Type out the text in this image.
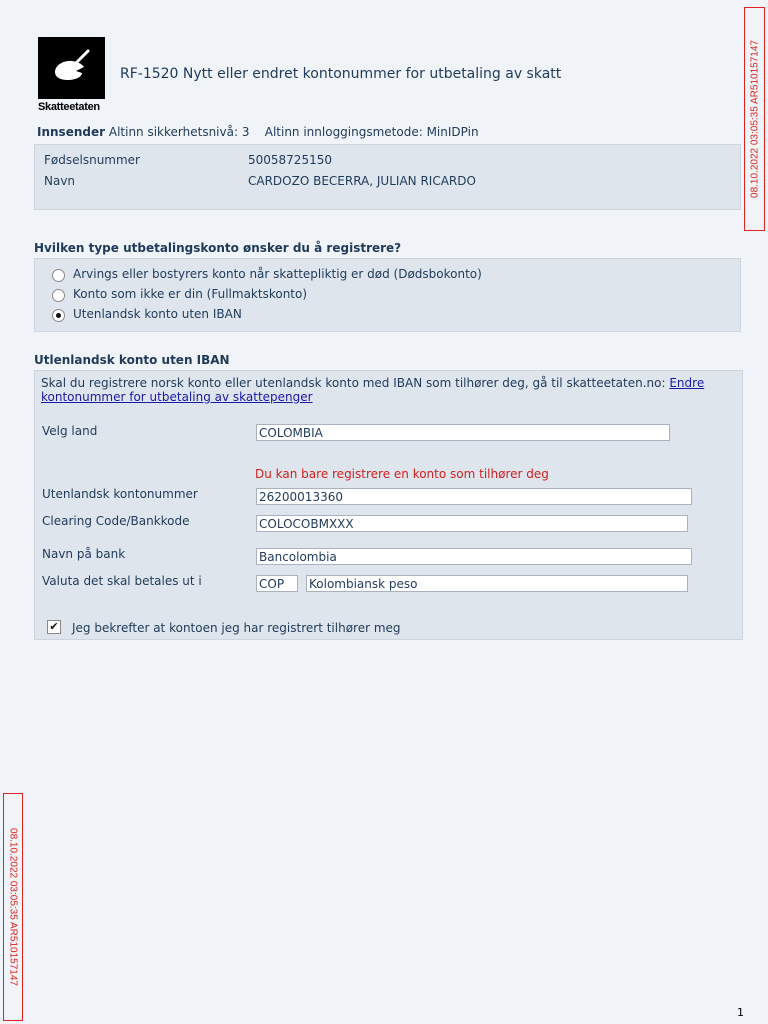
Skatteetaten
RF-1520 Nytt eller endret kontonummer for utbetaling av skatt	08.10.2022 03:05:35 AR510157147
08.10.2022 03:05:35 AR510157147
Innsender Altinn sikkerhetsnivå: 3 Altinn innloggingsmetode: MinIDPin
Fødselsnummer	50058725150
Navn	CARDOZO BECERRA, JULIAN RICARDO
Hvilken type utbetalingskonto ønsker du å registrere?
Arvings eller bostyrers konto når skattepliktig er død (Dødsbokonto)
Konto som ikke er din (Fullmaktskonto)
Utenlandsk konto uten IBAN
Utlenlandsk konto uten IBAN
Skal du registrere norsk konto eller utenlandsk konto med IBAN som tilhører deg, gå til skatteetaten.no: Endre kontonummer for utbetaling av skattepenger
Velg land	COLOMBIA
Du kan bare registrere en konto som tilhører deg
Utenlandsk kontonummer	26200013360
Clearing Code/Bankkode	COLOCOBMXXX
Navn på bank	Bancolombia
Valuta det skal betales ut i	COP	Kolombiansk peso
✔ Jeg bekrefter at kontoen jeg har registrert tilhører meg
1
